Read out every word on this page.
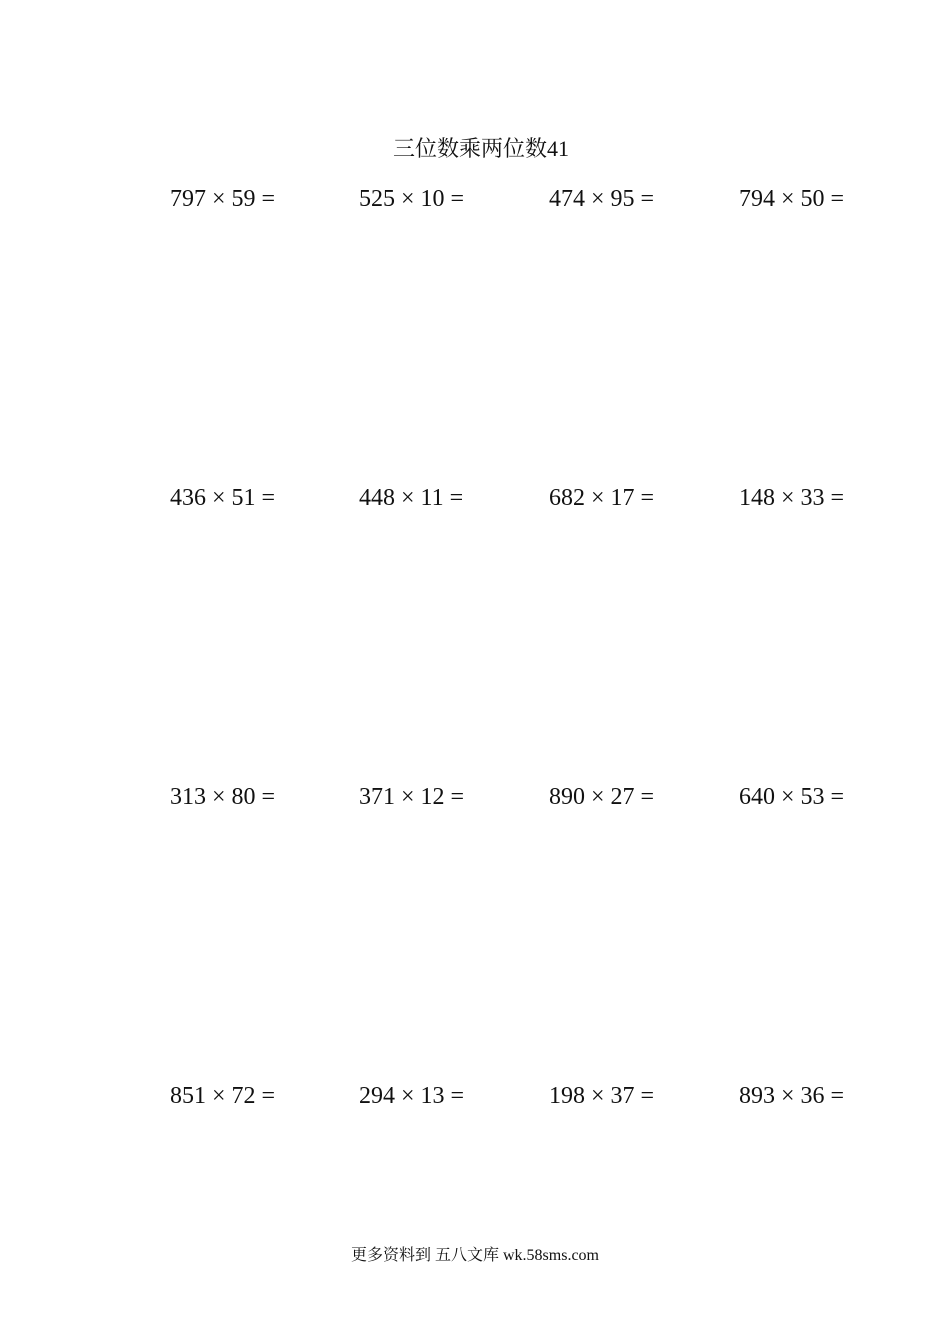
三位数乘两位数41
797 × 59 =	525 × 10 =	474 × 95 =	794 × 50 =
436 × 51 =	448 × 11 =	682 × 17 =	148 × 33 =
313 × 80 =	371 × 12 =	890 × 27 =	640 × 53 =
851 × 72 =	294 × 13 =	198 × 37 =	893 × 36 =
更多资料到 五八文库 wk.58sms.com
